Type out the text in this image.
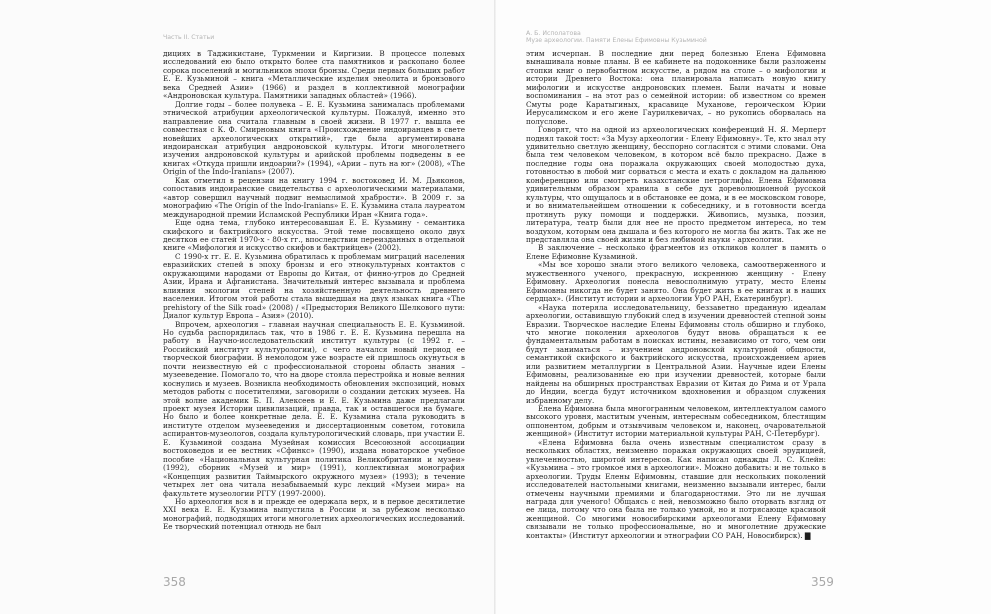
Часть II. Статьи

дициях в Таджикистане, Туркмении и Киргизии. В процессе полевых исследований ею было открыто более ста памятников и раскопано более сорока поселений и могильников эпохи бронзы. Среди первых больших работ Е. Е. Кузьминой – книга «Металлические изделия энеолита и бронзового века Средней Азии» (1966) и раздел в коллективной монографии «Андроновская культура. Памятники западных областей» (1966).

Долгие годы – более полувека – Е. Е. Кузьмина занималась проблемами этнической атрибуции археологической культуры. Пожалуй, именно это направление она считала главным в своей жизни. В 1977 г. вышла ее совместная с К. Ф. Смирновым книга «Происхождение индоиранцев в свете новейших археологических открытий», где была аргументирована индоиранская атрибуция андроновской культуры. Итоги многолетнего изучения андроновской культуры и арийской проблемы подведены в ее книгах «Откуда пришли индоарии?» (1994), «Арии – путь на юг» (2008), «The Origin of the Indo-Iranians» (2007).

Как отметил в рецензии на книгу 1994 г. востоковед И. М. Дьяконов, сопоставив индоиранские свидетельства с археологическими материалами, «автор совершил научный подвиг немыслимой храбрости». В 2009 г. за монографию «The Origin of the Indo-Iranians» Е. Е. Кузьмина стала лауреатом международной премии Исламской Республики Иран «Книга года».

Еще одна тема, глубоко интересовавшая Е. Е. Кузьмину - семантика скифского и бактрийского искусства. Этой теме посвящено около двух десятков ее статей 1970-х - 80-х гг., впоследствии переизданных в отдельной книге «Мифология и искусство скифов и бактрийцев» (2002).

С 1990-х гг. Е. Е. Кузьмина обратилась к проблемам миграций населения евразийских степей в эпоху бронзы и его этнокультурных контактов с окружающими народами от Европы до Китая, от финно-угров до Средней Азии, Ирана и Афганистана. Значительный интерес вызывала и проблема влияния экологии степей на хозяйственную деятельность древнего населения. Итогом этой работы стала вышедшая на двух языках книга «The prehistory of the Silk road» (2008) / «Предыстория Великого Шелкового пути: Диалог культур Европа – Азия» (2010).

Впрочем, археология – главная научная специальность Е. Е. Кузьминой. Но судьба распорядилась так, что в 1986 г. Е. Е. Кузьмина перешла на работу в Научно-исследовательский институт культуры (с 1992 г. – Российский институт культурологии), с чего начался новый период ее творческой биографии. В немолодом уже возрасте ей пришлось окунуться в почти неизвестную ей с профессиональной стороны область знания – музееведение. Помогало то, что на дворе стояла перестройка и новые веяния коснулись и музеев. Возникла необходимость обновления экспозиций, новых методов работы с посетителями, заговорили о создании детских музеев. На этой волне академик Б. П. Алексеев и Е. Е. Кузьмина даже предлагали проект музея Истории цивилизаций, правда, так и оставшегося на бумаге. Но было и более конкретные дела. Е. Е. Кузьмина стала руководить в институте отделом музееведения и диссертационным советом, готовила аспирантов-музеологов, создала культурологический словарь, при участии Е. Е. Кузьминой создана Музейная комиссия Всесоюзной ассоциации востоковедов и ее вестник «Сфинкс» (1990), издана новаторское учебное пособие «Национальная культурная политика Великобритании и музеи» (1992), сборник «Музей и мир» (1991), коллективная монография «Концепция развития Таймырского окружного музея» (1993); в течение четырех лет она читала незабываемый курс лекций «Музеи мира» на факультете музеологии РГГУ (1997-2000).

Но археология вся в и прежде ее одержала верх, и в первое десятилетие XXI века Е. Е. Кузьмина выпустила в России и за рубежом несколько монографий, подводящих итоги многолетних археологических исследований. Ее творческий потенциал отнюдь не был

358
А. Б. Исполатова
Музе археологии. Памяти Елены Ефимовны Кузьминой

этим исчерпан. В последние дни перед болезнью Елена Ефимовна вынашивала новые планы. В ее кабинете на подоконнике были разложены стопки книг о первобытном искусстве, а рядом на столе – о мифологии и истории Древнего Востока: она планировала написать новую книгу мифологии и искусстве андроновских племен. Были начаты и новые воспоминания – на этот раз о семейной истории: об известном со времен Смуты роде Каратыгиных, красавице Муханове, героическом Юрии Иерусалимском и его жене Гаурилкевичах, – но рукопись оборвалась на полуслове.

Говорят, что на одной из археологических конференций Н. Я. Мерперт поднял такой тост: «За Музу археологии - Елену Ефимовну». Те, кто знал эту удивительно светлую женщину, бесспорно согласятся с этими словами. Она была тем человеком человеком, в котором всё было прекрасно. Даже в последние годы она поражала окружающих своей молодостью духа, готовностью в любой миг сорваться с места и ехать с докладом на дальнюю конференцию или смотреть казахстанские петроглифы. Елена Ефимовна удивительным образом хранила в себе дух дореволюционной русской культуры, что ощущалось и в обстановке ее дома, и в ее московском говоре, и во внимательнейшем отношении к собеседнику, и в готовности всегда протянуть руку помощи и поддержки. Живопись, музыка, поэзия, литература, театр были для нее не просто предметом интереса, но тем воздухом, которым она дышала и без которого не могла бы жить. Так же не представляла она своей жизни и без любимой науки - археологии.

В заключение – несколько фрагментов из откликов коллег в память о Елене Ефимовне Кузьминой.

«Мы все хорошо знали этого великого человека, самоотверженного и мужественного ученого, прекрасную, искреннюю женщину - Елену Ефимовну. Археология понесла невосполнимую утрату, место Елены Ефимовны никогда не будет занято. Она будет жить в ее книгах и в наших сердцах». (Институт истории и археологии УрО РАН, Екатеринбург).

«Наука потеряла исследовательницу, беззаветно преданную идеалам археологии, оставившую глубокий след в изучении древностей степной зоны Евразии. Творческое наследие Елены Ефимовны столь обширно и глубоко, что многие поколения археологов будут вновь обращаться к ее фундаментальным работам в поисках истины, независимо от того, чем они будут заниматься – изучением андроновской культурной общности, семантикой скифского и бактрийского искусства, происхождением ариев или развитием металлургии в Центральной Азии. Научные идеи Елены Ефимовны, реализованные ею при изучении древностей, которые были найдены на обширных пространствах Евразии от Китая до Рима и от Урала до Индии, всегда будут источником вдохновения и образцом служения избранному делу.

Елена Ефимовна была многогранным человеком, интеллектуалом самого высокого уровня, маститым ученым, интересным собеседником, блестящим оппонентом, добрым и отзывчивым человеком и, наконец, очаровательной женщиной» (Институт истории материальной культуры РАН, С-Петербург).

«Елена Ефимовна была очень известным специалистом сразу в нескольких областях, неизменно поражая окружающих своей эрудицией, увлеченностью, широтой интересов. Как написал однажды Л. С. Клейн: «Кузьмина – это громкое имя в археологии». Можно добавить: и не только в археологии. Труды Елены Ефимовны, ставшие для нескольких поколений исследователей настольными книгами, неизменно вызывали интерес, были отмечены научными премиями и благодарностями. Это ли не лучшая награда для ученого! Общаясь с ней, невозможно было оторвать взгляд от ее лица, потому что она была не только умной, но и потрясающе красивой женщиной. Со многими новосибирскими археологами Елену Ефимовну связывали не только профессиональные, но и многолетние дружеские контакты» (Институт археологии и этнографии СО РАН, Новосибирск). ▇

359
